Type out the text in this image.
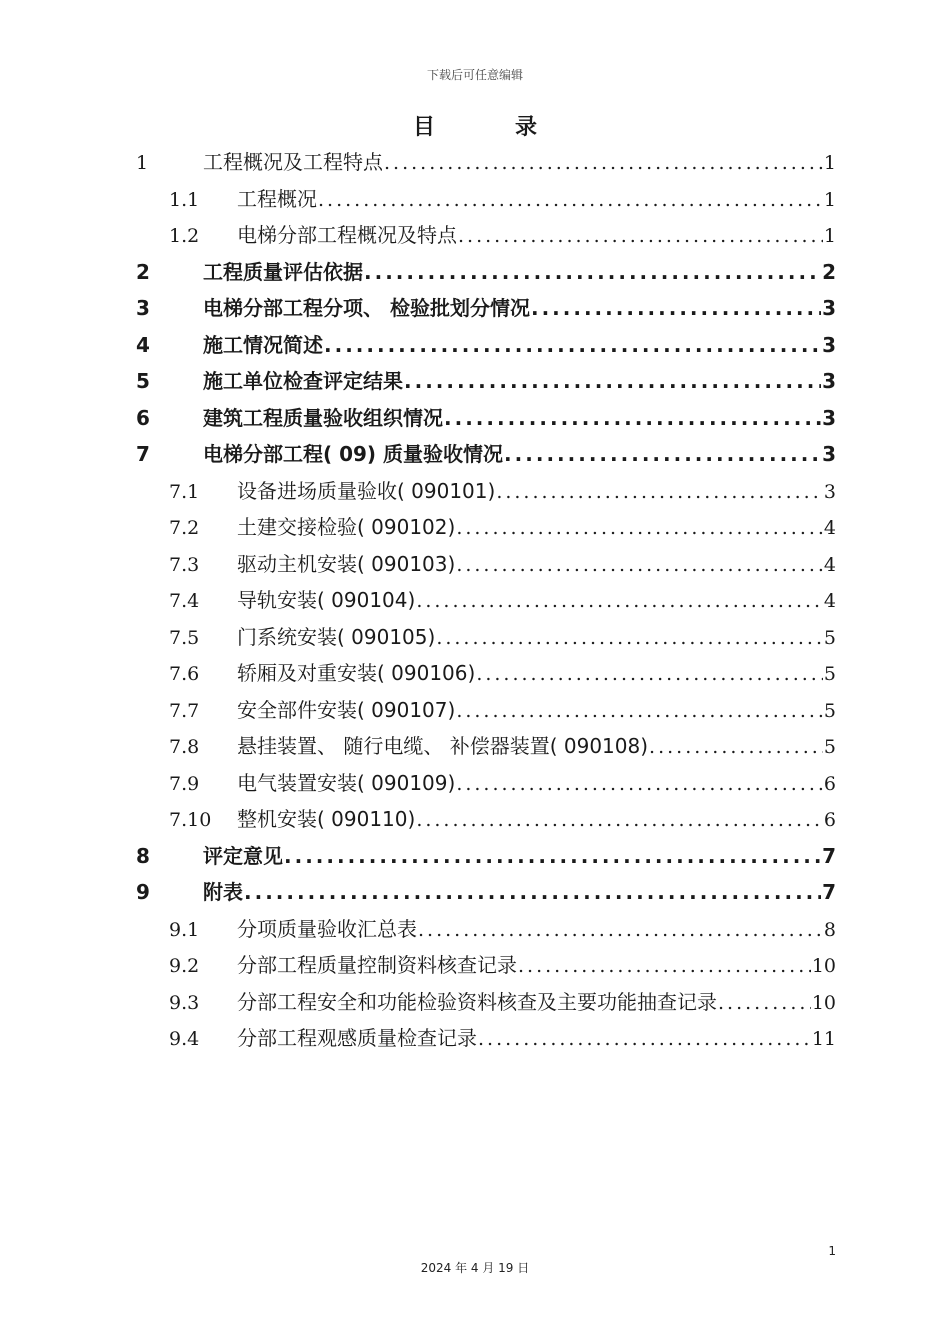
下载后可任意编辑
目	录
1	工程概况及工程特点 .....	1
1.1	工程概况 .....	1
1.2	电梯分部工程概况及特点 .....	1
2	工程质量评估依据 .....	2
3	电梯分部工程分项、 检验批划分情况 .....	3
4	施工情况简述 .....	3
5	施工单位检查评定结果 .....	3
6	建筑工程质量验收组织情况 .....	3
7	电梯分部工程( 09) 质量验收情况 .....	3
7.1	设备进场质量验收( 090101) .....	3
7.2	土建交接检验( 090102) .....	4
7.3	驱动主机安装( 090103) .....	4
7.4	导轨安装( 090104) .....	4
7.5	门系统安装( 090105) .....	5
7.6	轿厢及对重安装( 090106) .....	5
7.7	安全部件安装( 090107) .....	5
7.8	悬挂装置、 随行电缆、 补偿器装置( 090108) .....	5
7.9	电气装置安装( 090109) .....	6
7.10	整机安装( 090110) .....	6
8	评定意见 .....	7
9	附表 .....	7
9.1	分项质量验收汇总表 .....	8
9.2	分部工程质量控制资料核查记录 .....	10
9.3	分部工程安全和功能检验资料核查及主要功能抽查记录 .....	10
9.4	分部工程观感质量检查记录 .....	11
1
2024 年 4 月 19 日
